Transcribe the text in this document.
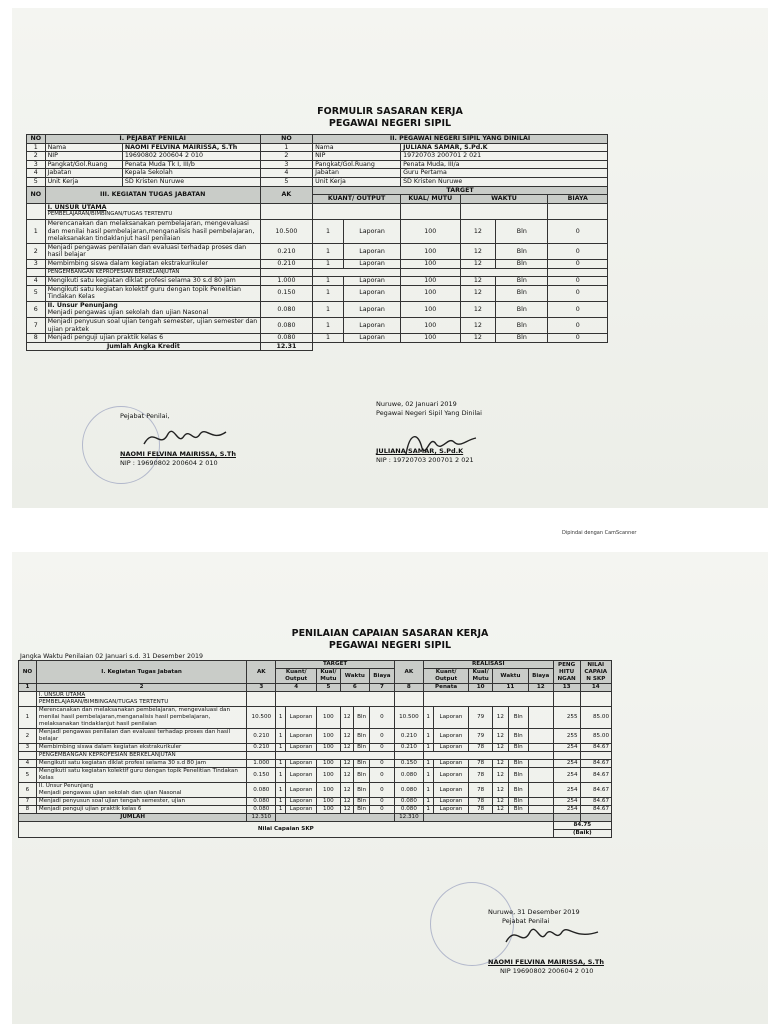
FORMULIR SASARAN KERJA
PEGAWAI NEGERI SIPIL
NO	I. PEJABAT PENILAI		NO	II. PEGAWAI NEGERI SIPIL YANG DINILAI					
1	Nama	NAOMI FELVINA MAIRISSA, S.Th	1	Nama		JULIANA SAMAR, S.Pd.K			
2	NIP	19690802 200604 2 010	2	NIP		19720703 200701 2 021			
3	Pangkat/Gol.Ruang	Penata Muda Tk I, III/b	3	Pangkat/Gol.Ruang		Penata Muda, III/a			
4	Jabatan	Kepala Sekolah	4	Jabatan		Guru Pertama			
5	Unit Kerja	SD Kristen Nuruwe	5	Unit Kerja		SD Kristen Nuruwe			
NO	III. KEGIATAN TUGAS JABATAN		AK	TARGET					
				KUANT/ OUTPUT		KUAL/ MUTU	WAKTU		BIAYA

	I. UNSUR UTAMA
PEMBELAJARAN/BIMBINGAN/TUGAS TERTENTU								

1	Merencanakan dan melaksanakan pembelajaran, mengevaluasi dan menilai hasil pembelajaran,menganalisis hasil pembelajaran, melaksanakan tindaklanjut hasil penilaian		10.500	1	Laporan	100	12	Bln	0
2	Menjadi pengawas penilaian dan evaluasi terhadap proses dan hasil belajar		0.210	1	Laporan	100	12	Bln	0
3	Membimbing siswa dalam kegiatan ekstrakurikuler		0.210	1	Laporan	100	12	Bln	0
	PENGEMBANGAN KEPROFESIAN BERKELANJUTAN								
4	Mengikuti satu kegiatan diklat profesi selama 30 s.d 80 jam		1.000	1	Laporan	100	12	Bln	0
5	Mengikuti satu kegiatan kolektif guru dengan topik Penelitian Tindakan Kelas		0.150	1	Laporan	100	12	Bln	0
6	II. Unsur Penunjang
Menjadi pengawas ujian sekolah dan ujian Nasonal		0.080	1	Laporan	100	12	Bln	0
7	Menjadi penyusun soal ujian tengah semester, ujian semester dan ujian praktek		0.080	1	Laporan	100	12	Bln	0
8	Menjadi penguji ujian praktik kelas 6		0.080	1	Laporan	100	12	Bln	0
Jumlah Angka Kredit			12.31						
Pejabat Penilai,
NAOMI FELVINA MAIRISSA, S.Th
NIP : 19690802 200604 2 010
Nuruwe, 02 Januari 2019
Pegawai Negeri Sipil Yang Dinilai
JULIANA SAMAR, S.Pd.K
NIP : 19720703 200701 2 021
Dipindai dengan CamScanner
PENILAIAN CAPAIAN SASARAN KERJA
PEGAWAI NEGERI SIPIL
Jangka Waktu Penilaian 02 Januari s.d. 31 Desember 2019
NO	I. Kegiatan Tugas Jabatan	AK	TARGET						AK	REALISASI						PENG HITU NGAN	NILAI CAPAIA N SKP
			Kuant/ Output		Kual/ Mutu	Waktu		Biaya		Kuant/ Output		Kual/ Mutu	Waktu		Biaya		
1	2	3	4		5	6		7	8	Penata		10	11		12	13	14

	I. UNSUR UTAMA
PEMBELAJARAN/BIMBINGAN/TUGAS TERTENTU																

1	Merencanakan dan melaksanakan pembelajaran, mengevaluasi dan menilai hasil pembelajaran,menganalisis hasil pembelajaran, melaksanakan tindaklanjut hasil penilaian	10.500	1	Laporan	100	12	Bln	0	10.500	1	Laporan	79	12	Bln		255	85.00
2	Menjadi pengawas penilaian dan evaluasi terhadap proses dan hasil belajar	0.210	1	Laporan	100	12	Bln	0	0.210	1	Laporan	79	12	Bln		255	85.00
3	Membimbing siswa dalam kegiatan ekstrakurikuler	0.210	1	Laporan	100	12	Bln	0	0.210	1	Laporan	78	12	Bln		254	84.67
	PENGEMBANGAN KEPROFESIAN BERKELANJUTAN																
4	Mengikuti satu kegiatan diklat profesi selama 30 s.d 80 jam	1.000	1	Laporan	100	12	Bln	0	0.150	1	Laporan	78	12	Bln		254	84.67
5	Mengikuti satu kegiatan kolektif guru dengan topik Penelitian Tindakan Kelas	0.150	1	Laporan	100	12	Bln	0	0.080	1	Laporan	78	12	Bln		254	84.67
6	II. Unsur Penunjang
Menjadi pengawas ujian sekolah dan ujian Nasonal	0.080	1	Laporan	100	12	Bln	0	0.080	1	Laporan	78	12	Bln		254	84.67
7	Menjadi penyusun soal ujian tengah semester, ujian	0.080	1	Laporan	100	12	Bln	0	0.080	1	Laporan	78	12	Bln		254	84.67
8	Menjadi penguji ujian praktik kelas 6	0.080	1	Laporan	100	12	Bln	0	0.080	1	Laporan	78	12	Bln		254	84.67
JUMLAH		12.310							12.310								
Nilai Capaian SKP																84.75	
																(Baik)	
Nuruwe, 31 Desember 2019
Pejabat Penilai
NAOMI FELVINA MAIRISSA, S.Th
NIP 19690802 200604 2 010
